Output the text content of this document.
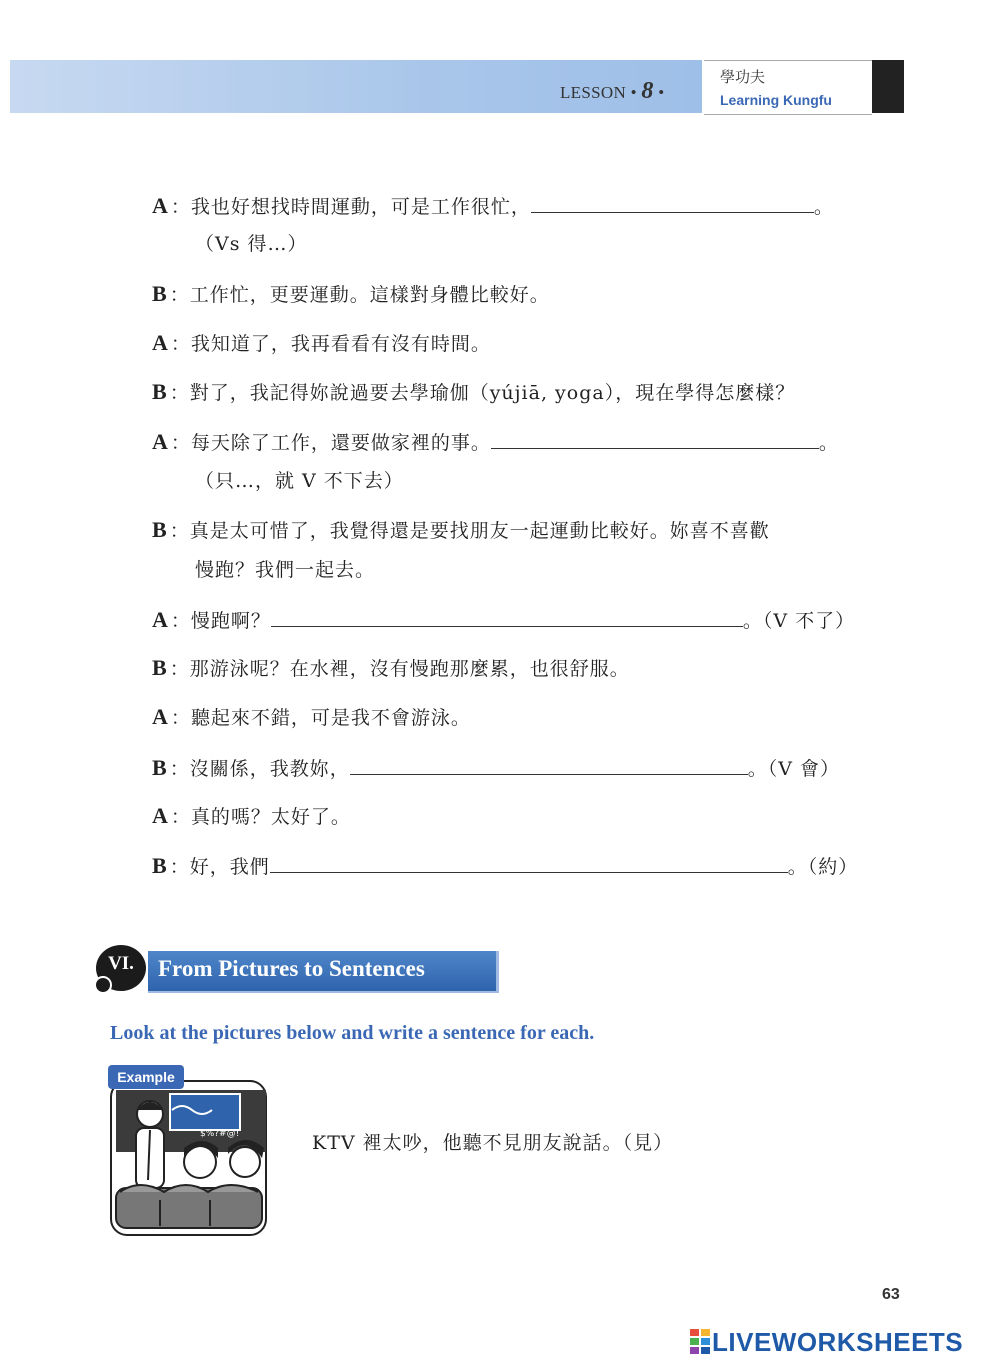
LESSON • 8 •
學功夫
Learning Kungfu
A ：我也好想找時間運動，可是工作很忙，	。
（Vs 得…）
B ：工作忙，更要運動。這樣對身體比較好。
A ：我知道了，我再看看有沒有時間。
B ：對了，我記得妳說過要去學瑜伽（yújiā, yoga），現在學得怎麼樣？
A ：每天除了工作，還要做家裡的事。	。
（只…，就 V 不下去）
B ：真是太可惜了，我覺得還是要找朋友一起運動比較好。妳喜不喜歡
慢跑？我們一起去。
A ：慢跑啊？	。（V 不了）
B ：那游泳呢？在水裡，沒有慢跑那麼累，也很舒服。
A ：聽起來不錯，可是我不會游泳。
B ：沒關係，我教妳，	。（V 會）
A ：真的嗎？太好了。
B ：好，我們	。（約）
VI.	From Pictures to Sentences
Look at the pictures below and write a sentence for each.
$%?#@!
Example
KTV 裡太吵，他聽不見朋友說話。（見）
63
LIVEWORKSHEETS
